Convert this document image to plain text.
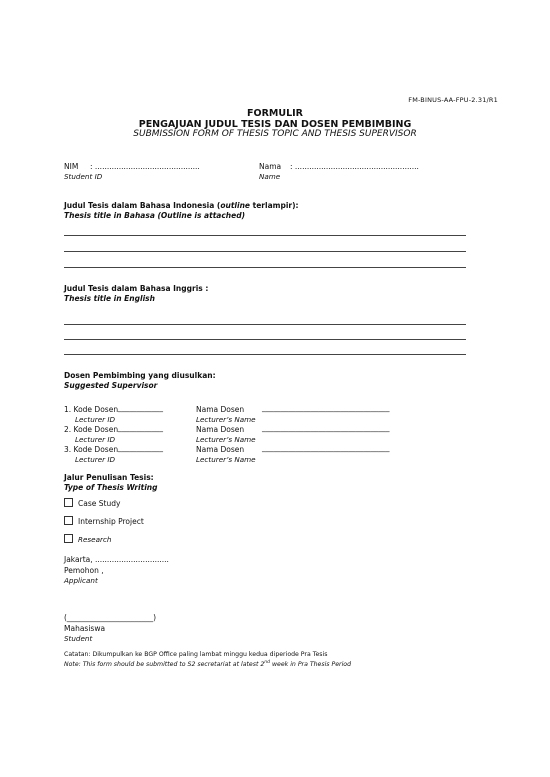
FM-BINUS-AA-FPU-2.31/R1
FORMULIR
PENGAJUAN JUDUL TESIS DAN DOSEN PEMBIMBING
SUBMISSION FORM OF THESIS TOPIC AND THESIS SUPERVISOR
NIM : ............................................
Student ID
Nama : ....................................................
Name
Judul Tesis dalam Bahasa Indonesia (outline terlampir):
Thesis title in Bahasa (Outline is attached)
Judul Tesis dalam Bahasa Inggris :
Thesis title in English
Dosen Pembimbing yang diusulkan:
Suggested Supervisor
1. Kode Dosen ____________
Lecturer ID
Nama Dosen __________________________________
Lecturer’s Name
2. Kode Dosen ____________
Lecturer ID
Nama Dosen __________________________________
Lecturer’s Name
3. Kode Dosen ____________
Lecturer ID
Nama Dosen __________________________________
Lecturer’s Name
Jalur Penulisan Tesis:
Type of Thesis Writing
Case Study
Internship Project
Research
Jakarta, ...............................
Pemohon ,
Applicant
(_______________________)
Mahasiswa
Student
Catatan: Dikumpulkan ke BGP Office paling lambat minggu kedua diperiode Pra Tesis
Note: This form should be submitted to S2 secretariat at latest 2nd week in Pra Thesis Period
